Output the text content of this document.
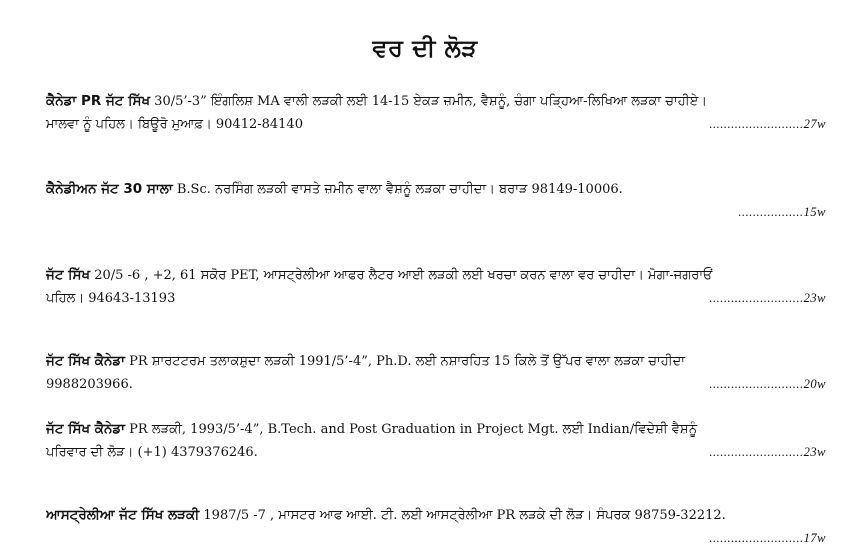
ਵਰ ਦੀ ਲੋੜ
ਕੈਨੇਡਾ PR ਜੱਟ ਸਿੱਖ 30/5’-3” ਇੰਗਲਿਸ਼ MA ਵਾਲੀ ਲੜਕੀ ਲਈ 14-15 ਏਕੜ ਜ਼ਮੀਨ, ਵੈਸ਼ਨੂੰ, ਚੰਗਾ ਪੜ੍ਹਿਆ-ਲਿਖਿਆ ਲੜਕਾ ਚਾਹੀਏ।
ਮਾਲਵਾ ਨੂੰ ਪਹਿਲ। ਬਿਊਰੋ ਮੁਆਫ਼। 90412-84140	..........................27w
ਕੈਨੇਡੀਅਨ ਜੱਟ 30 ਸਾਲਾ B.Sc. ਨਰਸਿੰਗ ਲੜਕੀ ਵਾਸਤੇ ਜ਼ਮੀਨ ਵਾਲਾ ਵੈਸ਼ਨੂੰ ਲੜਕਾ ਚਾਹੀਦਾ। ਬਰਾੜ 98149-10006.
..................15w
ਜੱਟ ਸਿੱਖ 20/5 -6 , +2, 61 ਸਕੋਰ PET, ਆਸਟ੍ਰੇਲੀਆ ਆਫਰ ਲੈਟਰ ਆਈ ਲੜਕੀ ਲਈ ਖਰਚਾ ਕਰਨ ਵਾਲਾ ਵਰ ਚਾਹੀਦਾ। ਮੋਗਾ-ਜਗਰਾਓਂ
ਪਹਿਲ। 94643-13193	..........................23w
ਜੱਟ ਸਿੱਖ ਕੈਨੇਡਾ PR ਸ਼ਾਰਟਟਰਮ ਤਲਾਕਸ਼ੁਦਾ ਲੜਕੀ 1991/5’-4”, Ph.D. ਲਈ ਨਸ਼ਾਰਹਿਤ 15 ਕਿਲੇ ਤੋਂ ਉੱਪਰ ਵਾਲਾ ਲੜਕਾ ਚਾਹੀਦਾ
9988203966.	..........................20w
ਜੱਟ ਸਿੱਖ ਕੈਨੇਡਾ PR ਲੜਕੀ, 1993/5’-4”, B.Tech. and Post Graduation in Project Mgt. ਲਈ Indian/ਵਿਦੇਸ਼ੀ ਵੈਸ਼ਨੂੰ
ਪਰਿਵਾਰ ਦੀ ਲੋੜ। (+1) 4379376246.	..........................23w
ਆਸਟ੍ਰੇਲੀਆ ਜੱਟ ਸਿੱਖ ਲੜਕੀ 1987/5 -7 , ਮਾਸਟਰ ਆਫ ਆਈ. ਟੀ. ਲਈ ਆਸਟ੍ਰੇਲੀਆ PR ਲੜਕੇ ਦੀ ਲੋੜ। ਸੰਪਰਕ 98759-32212.
..........................17w
